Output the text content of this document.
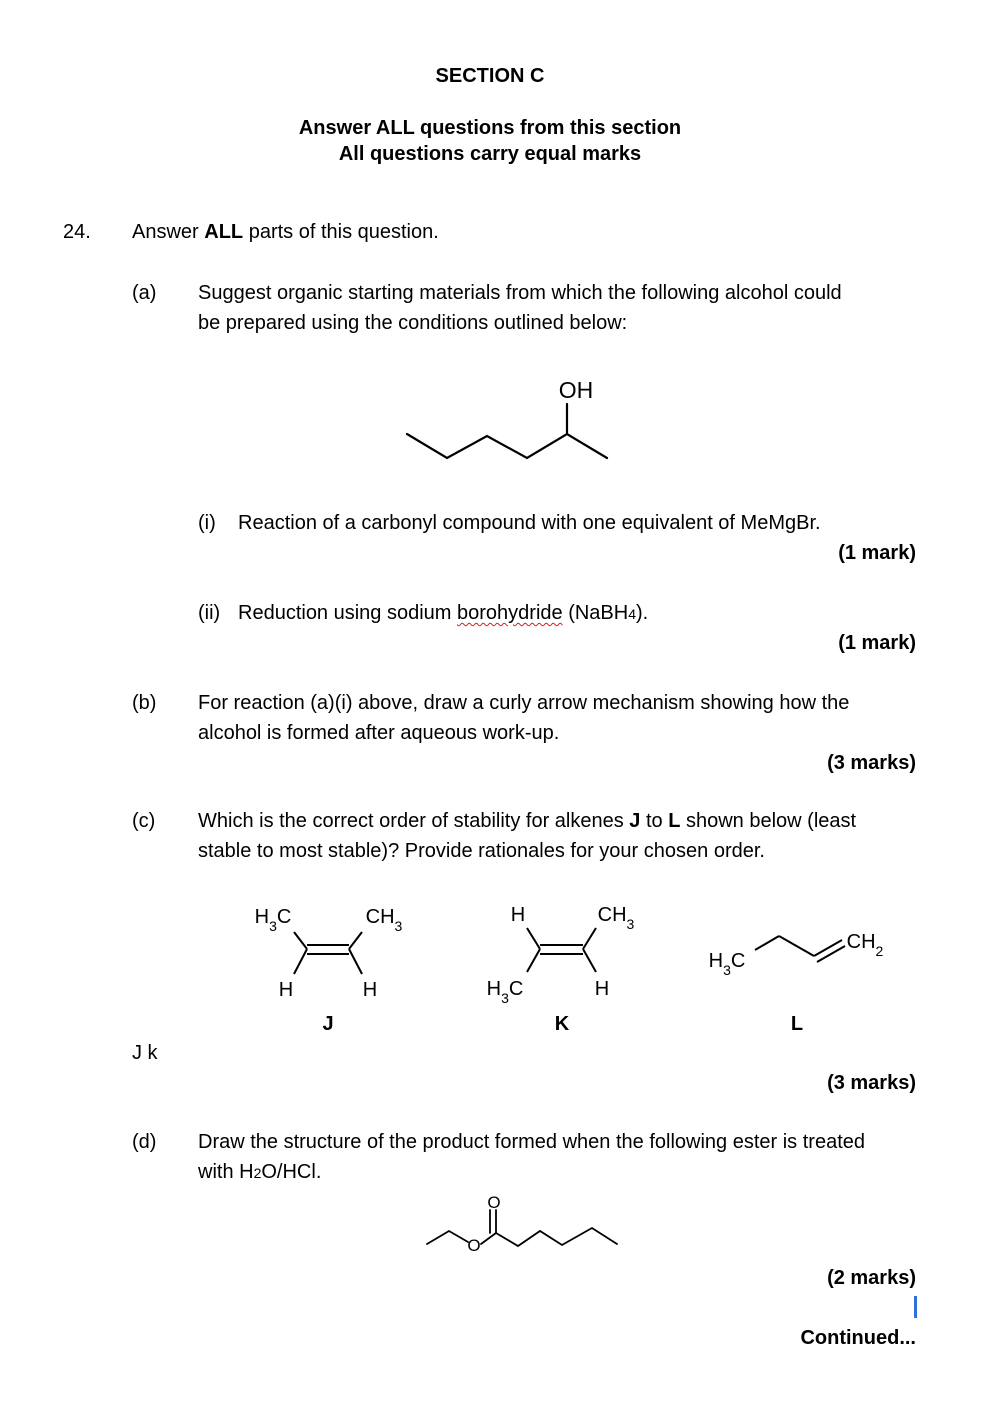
SECTION C
Answer ALL questions from this section
All questions carry equal marks
24. Answer ALL parts of this question.
(a) Suggest organic starting materials from which the following alcohol could
be prepared using the conditions outlined below:
OH
$H_3C$	$CH_3$
H	H
J
H	$CH_3$
$H_3C$	H
K
$H_3C$
$CH_2$
L
O
O
(i) Reaction of a carbonyl compound with one equivalent of MeMgBr.
(1 mark)
(ii) Reduction using sodium borohydride (NaBH4).
(1 mark)
(b) For reaction (a)(i) above, draw a curly arrow mechanism showing how the
alcohol is formed after aqueous work-up.
(3 marks)
(c) Which is the correct order of stability for alkenes J to L shown below (least
stable to most stable)? Provide rationales for your chosen order.
J k
(3 marks)
(d) Draw the structure of the product formed when the following ester is treated
with H2O/HCl.
(2 marks)
Continued...
